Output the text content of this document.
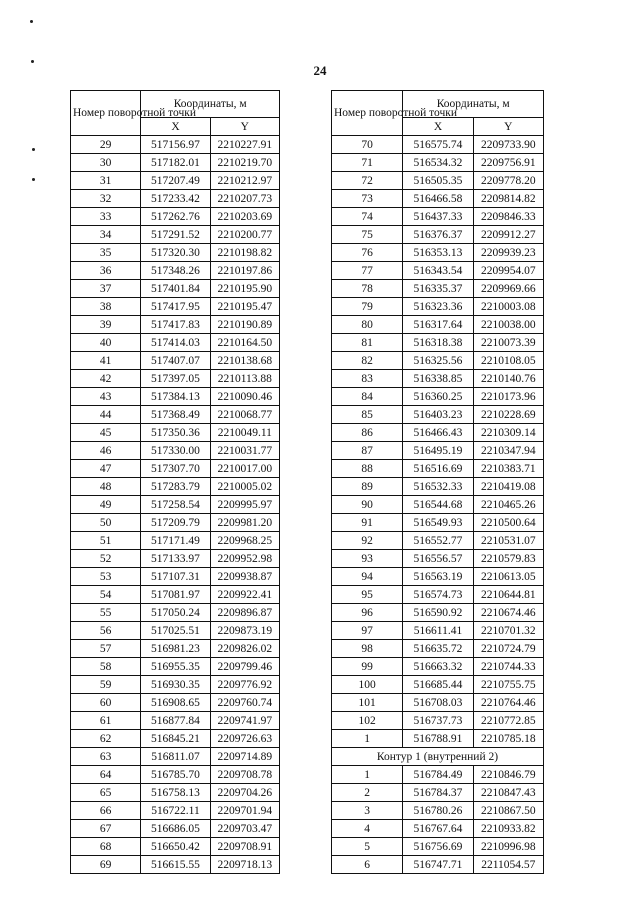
24
Номер поворотной точки	Координаты, м	
	X	Y
29	517156.97	2210227.91
30	517182.01	2210219.70
31	517207.49	2210212.97
32	517233.42	2210207.73
33	517262.76	2210203.69
34	517291.52	2210200.77
35	517320.30	2210198.82
36	517348.26	2210197.86
37	517401.84	2210195.90
38	517417.95	2210195.47
39	517417.83	2210190.89
40	517414.03	2210164.50
41	517407.07	2210138.68
42	517397.05	2210113.88
43	517384.13	2210090.46
44	517368.49	2210068.77
45	517350.36	2210049.11
46	517330.00	2210031.77
47	517307.70	2210017.00
48	517283.79	2210005.02
49	517258.54	2209995.97
50	517209.79	2209981.20
51	517171.49	2209968.25
52	517133.97	2209952.98
53	517107.31	2209938.87
54	517081.97	2209922.41
55	517050.24	2209896.87
56	517025.51	2209873.19
57	516981.23	2209826.02
58	516955.35	2209799.46
59	516930.35	2209776.92
60	516908.65	2209760.74
61	516877.84	2209741.97
62	516845.21	2209726.63
63	516811.07	2209714.89
64	516785.70	2209708.78
65	516758.13	2209704.26
66	516722.11	2209701.94
67	516686.05	2209703.47
68	516650.42	2209708.91
69	516615.55	2209718.13
Номер поворотной точки	Координаты, м	
	X	Y
70	516575.74	2209733.90
71	516534.32	2209756.91
72	516505.35	2209778.20
73	516466.58	2209814.82
74	516437.33	2209846.33
75	516376.37	2209912.27
76	516353.13	2209939.23
77	516343.54	2209954.07
78	516335.37	2209969.66
79	516323.36	2210003.08
80	516317.64	2210038.00
81	516318.38	2210073.39
82	516325.56	2210108.05
83	516338.85	2210140.76
84	516360.25	2210173.96
85	516403.23	2210228.69
86	516466.43	2210309.14
87	516495.19	2210347.94
88	516516.69	2210383.71
89	516532.33	2210419.08
90	516544.68	2210465.26
91	516549.93	2210500.64
92	516552.77	2210531.07
93	516556.57	2210579.83
94	516563.19	2210613.05
95	516574.73	2210644.81
96	516590.92	2210674.46
97	516611.41	2210701.32
98	516635.72	2210724.79
99	516663.32	2210744.33
100	516685.44	2210755.75
101	516708.03	2210764.46
102	516737.73	2210772.85
1	516788.91	2210785.18
Контур 1 (внутренний 2)		
1	516784.49	2210846.79
2	516784.37	2210847.43
3	516780.26	2210867.50
4	516767.64	2210933.82
5	516756.69	2210996.98
6	516747.71	2211054.57
